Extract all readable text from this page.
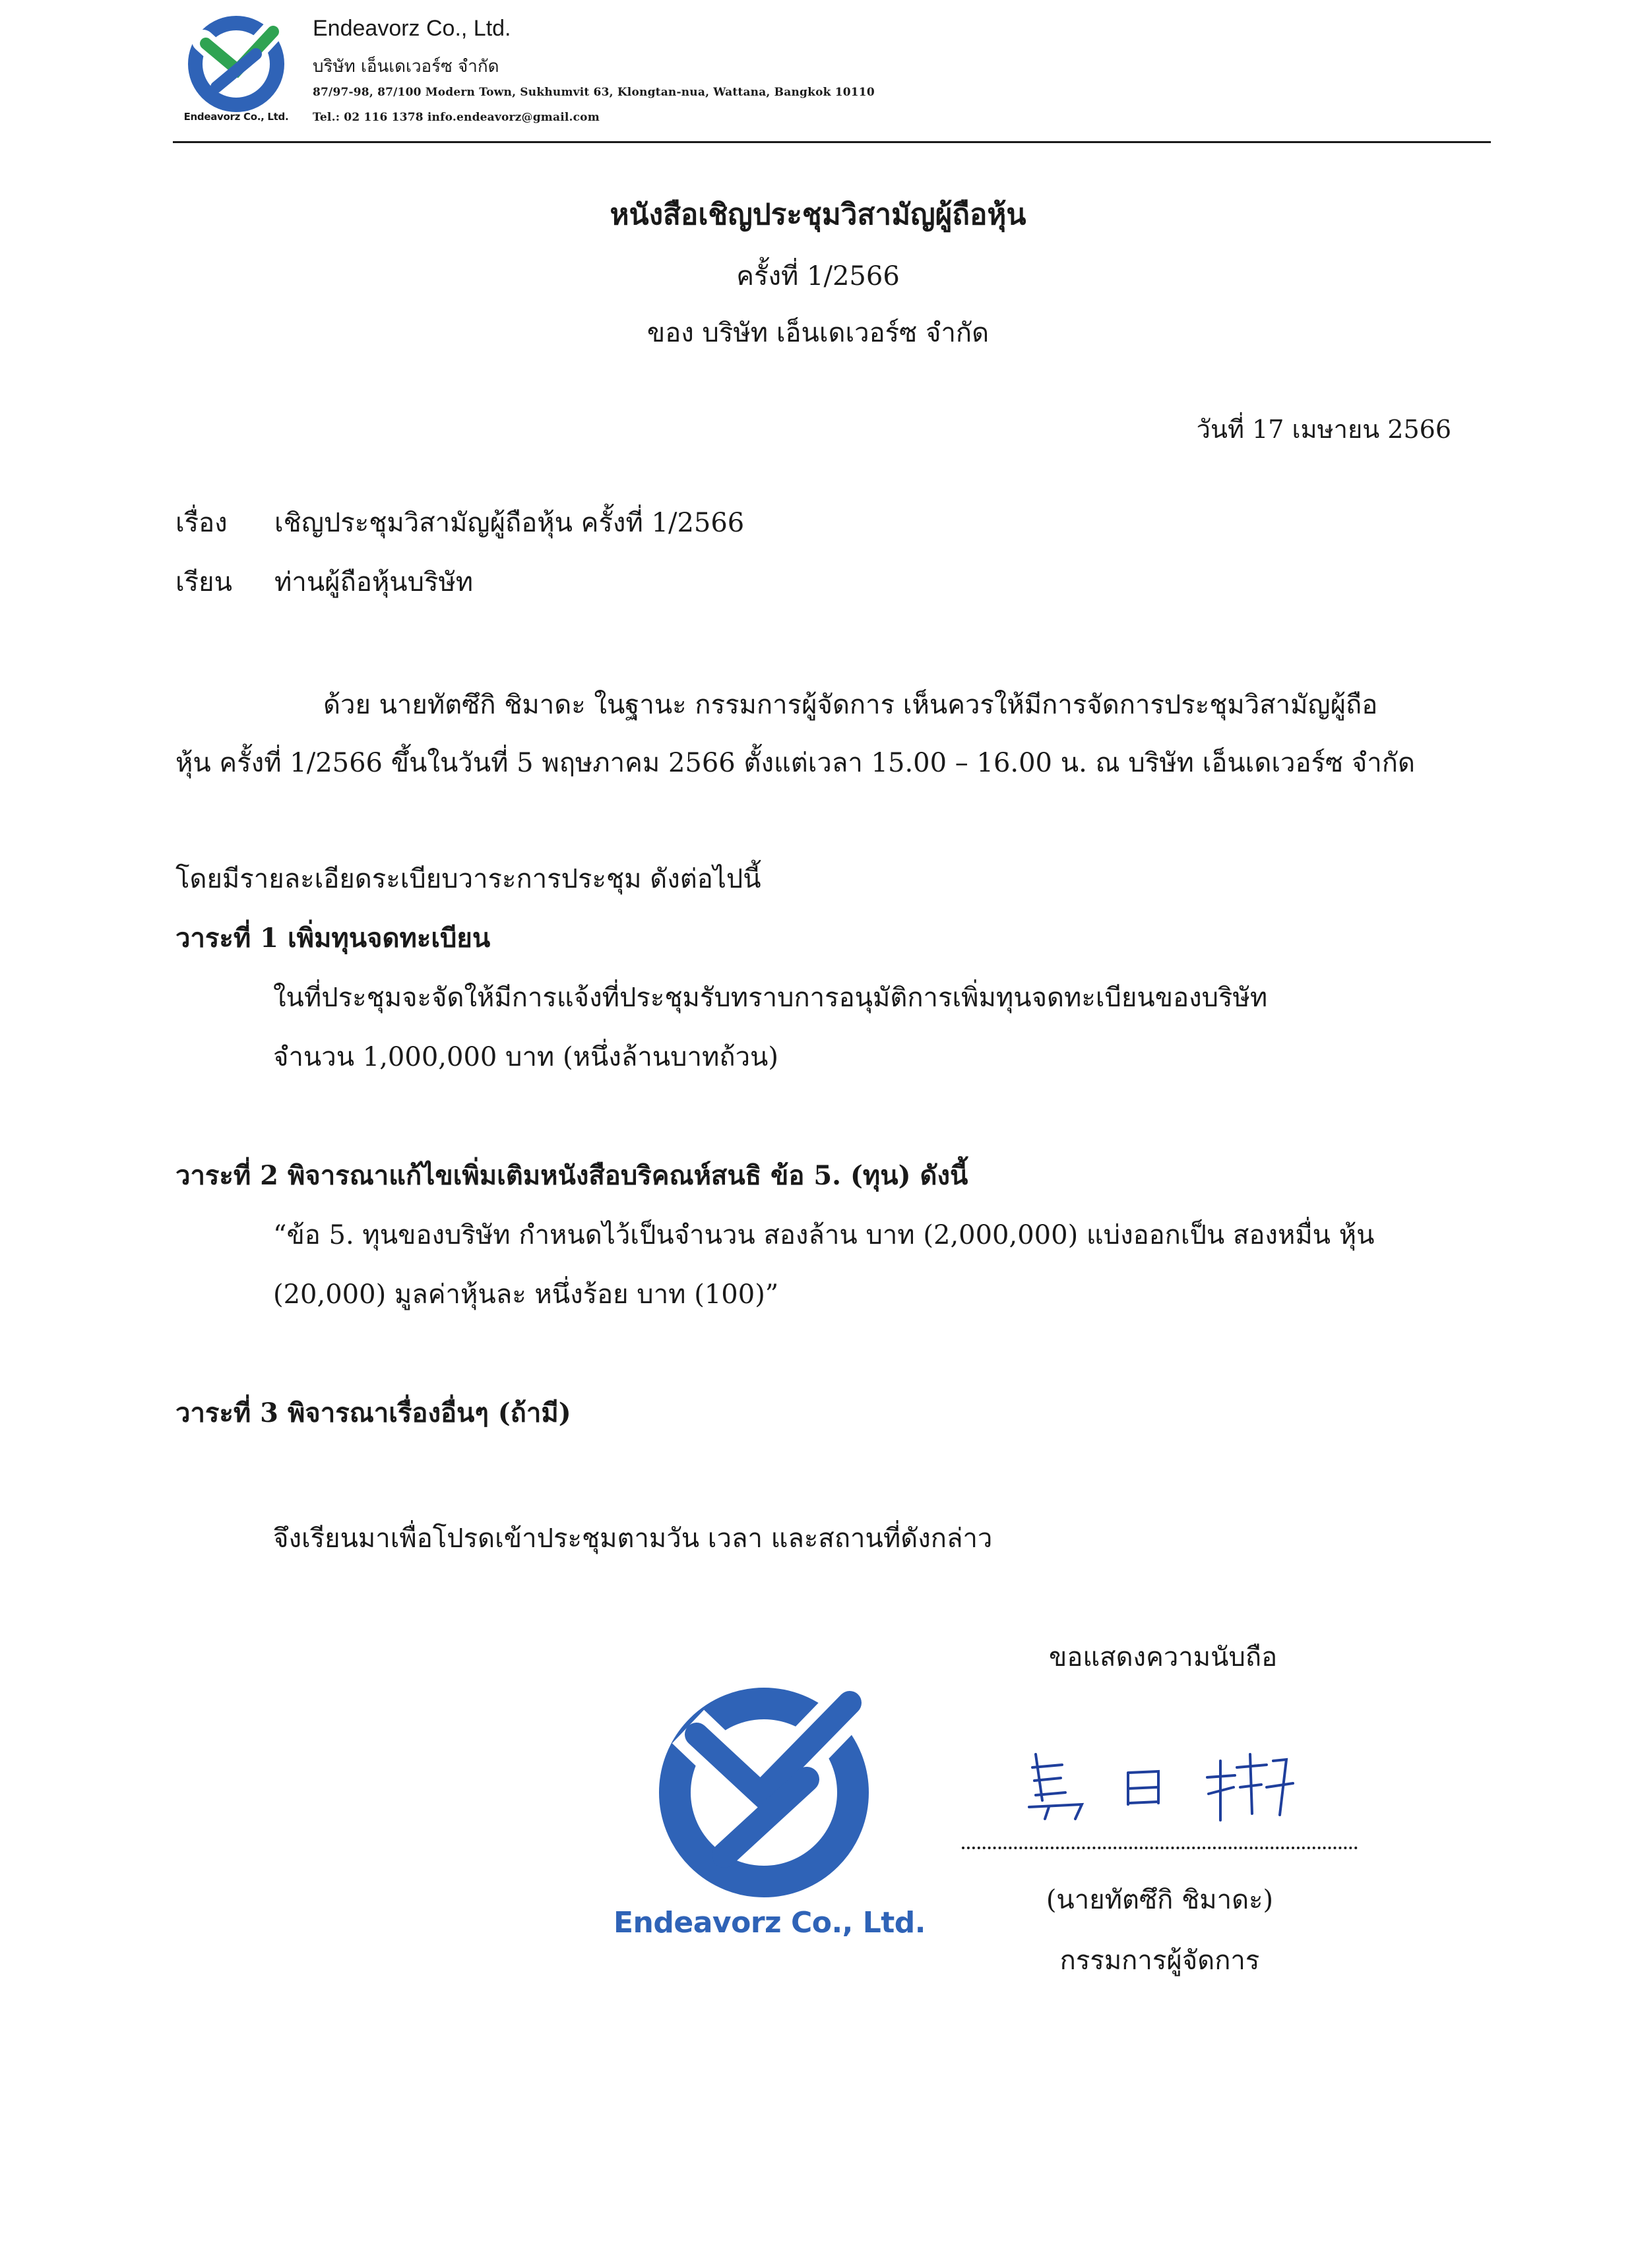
Endeavorz Co., Ltd.
Endeavorz Co., Ltd.
บริษัท เอ็นเดเวอร์ซ จำกัด
87/97-98, 87/100 Modern Town, Sukhumvit 63, Klongtan-nua, Wattana, Bangkok 10110
Tel.: 02 116 1378 info.endeavorz@gmail.com
หนังสือเชิญประชุมวิสามัญผู้ถือหุ้น
ครั้งที่ 1/2566
ของ บริษัท เอ็นเดเวอร์ซ จำกัด
วันที่ 17 เมษายน 2566
เรื่อง เชิญประชุมวิสามัญผู้ถือหุ้น ครั้งที่ 1/2566
เรียน ท่านผู้ถือหุ้นบริษัท
ด้วย นายทัตซึกิ ชิมาดะ ในฐานะ กรรมการผู้จัดการ เห็นควรให้มีการจัดการประชุมวิสามัญผู้ถือ
หุ้น ครั้งที่ 1/2566 ขึ้นในวันที่ 5 พฤษภาคม 2566 ตั้งแต่เวลา 15.00 – 16.00 น. ณ บริษัท เอ็นเดเวอร์ซ จำกัด
โดยมีรายละเอียดระเบียบวาระการประชุม ดังต่อไปนี้
วาระที่ 1 เพิ่มทุนจดทะเบียน
ในที่ประชุมจะจัดให้มีการแจ้งที่ประชุมรับทราบการอนุมัติการเพิ่มทุนจดทะเบียนของบริษัท
จำนวน 1,000,000 บาท (หนึ่งล้านบาทถ้วน)
วาระที่ 2 พิจารณาแก้ไขเพิ่มเติมหนังสือบริคณห์สนธิ ข้อ 5. (ทุน) ดังนี้
“ข้อ 5. ทุนของบริษัท กำหนดไว้เป็นจำนวน สองล้าน บาท (2,000,000) แบ่งออกเป็น สองหมื่น หุ้น
(20,000) มูลค่าหุ้นละ หนึ่งร้อย บาท (100)”
วาระที่ 3 พิจารณาเรื่องอื่นๆ (ถ้ามี)
จึงเรียนมาเพื่อโปรดเข้าประชุมตามวัน เวลา และสถานที่ดังกล่าว
ขอแสดงความนับถือ
Endeavorz Co., Ltd.
(นายทัตซึกิ ชิมาดะ)
กรรมการผู้จัดการ
